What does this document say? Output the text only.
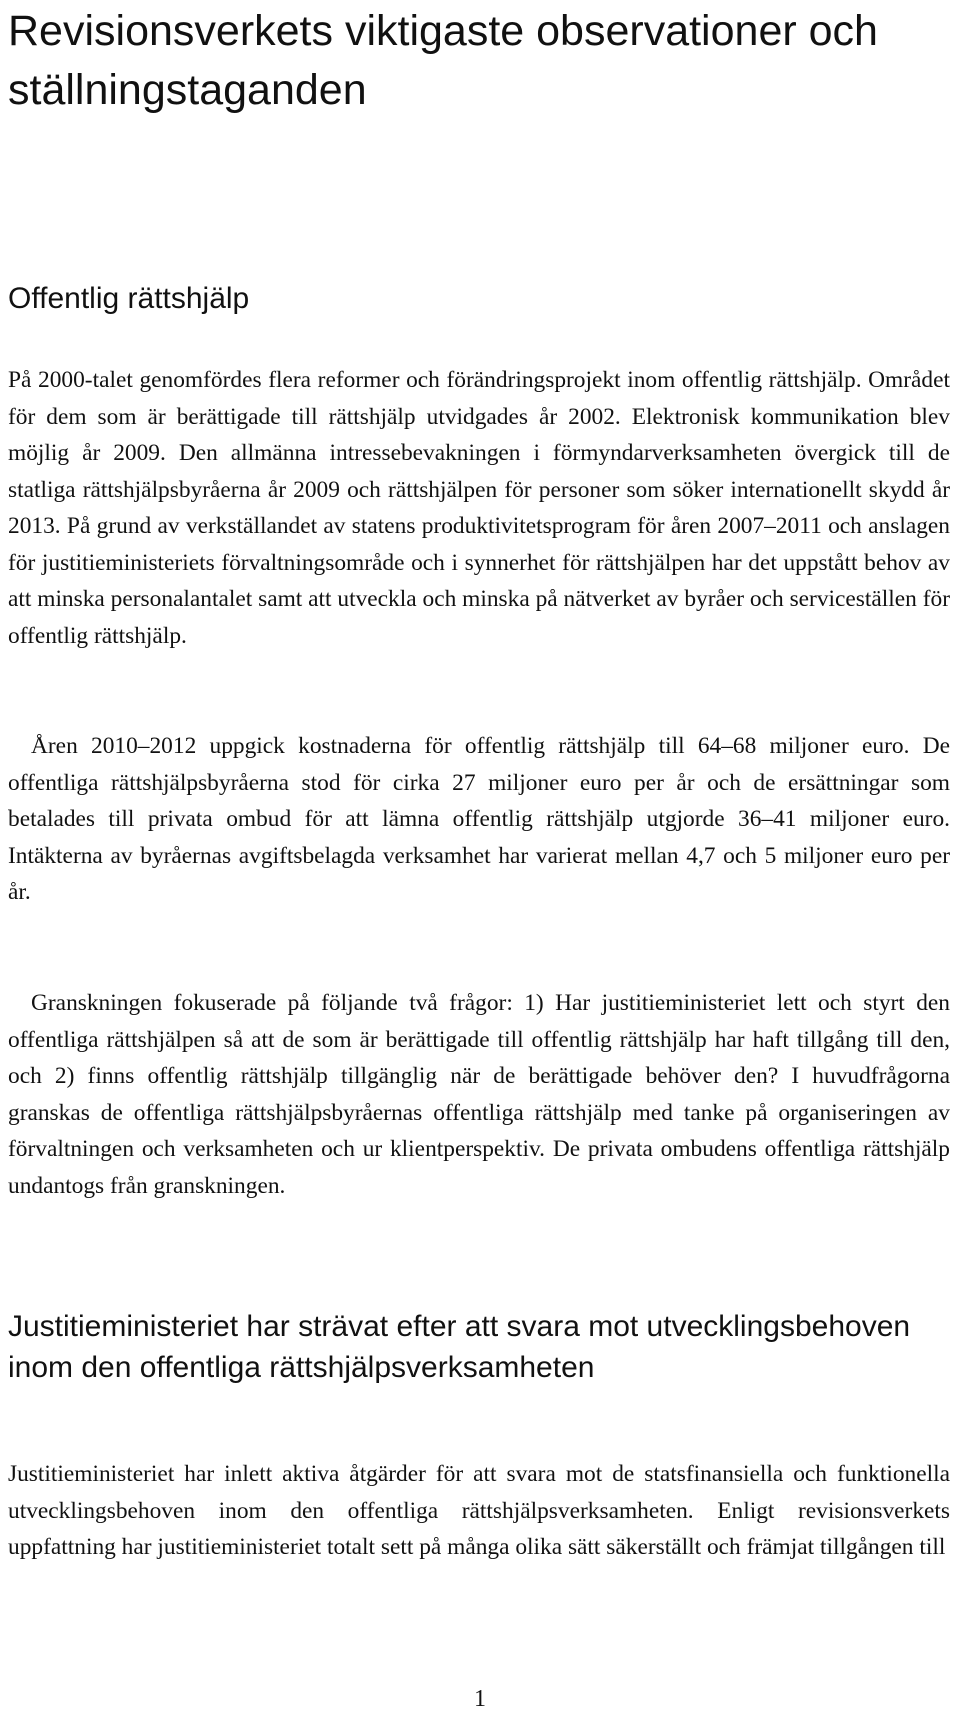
Revisionsverkets viktigaste observationer och ställningstaganden
Offentlig rättshjälp

På 2000-talet genomfördes flera reformer och förändringsprojekt inom offentlig rättshjälp. Området för dem som är berättigade till rättshjälp utvidgades år 2002. Elektronisk kommunikation blev möjlig år 2009. Den allmänna intressebevakningen i förmyndarverksamheten övergick till de statliga rättshjälpsbyråerna år 2009 och rättshjälpen för personer som söker internationellt skydd år 2013. På grund av verkställandet av statens produktivitetsprogram för åren 2007–2011 och anslagen för justitieministeriets förvaltningsområde och i synnerhet för rättshjälpen har det uppstått behov av att minska personalantalet samt att utveckla och minska på nätverket av byråer och serviceställen för offentlig rättshjälp.

Åren 2010–2012 uppgick kostnaderna för offentlig rättshjälp till 64–68 miljoner euro. De offentliga rättshjälpsbyråerna stod för cirka 27 miljoner euro per år och de ersättningar som betalades till privata ombud för att lämna offentlig rättshjälp utgjorde 36–41 miljoner euro. Intäkterna av byråernas avgiftsbelagda verksamhet har varierat mellan 4,7 och 5 miljoner euro per år.

Granskningen fokuserade på följande två frågor: 1) Har justitieministeriet lett och styrt den offentliga rättshjälpen så att de som är berättigade till offentlig rättshjälp har haft tillgång till den, och 2) finns offentlig rättshjälp tillgänglig när de berättigade behöver den? I huvudfrågorna granskas de offentliga rättshjälpsbyråernas offentliga rättshjälp med tanke på organiseringen av förvaltningen och verksamheten och ur klientperspektiv. De privata ombudens offentliga rättshjälp undantogs från granskningen.

Justitieministeriet har strävat efter att svara mot utvecklingsbehoven inom den offentliga rättshjälpsverksamheten

Justitieministeriet har inlett aktiva åtgärder för att svara mot de statsfinansiella och funktionella utvecklingsbehoven inom den offentliga rättshjälpsverksamheten. Enligt revisionsverkets uppfattning har justitieministeriet totalt sett på många olika sätt säkerställt och främjat tillgången till

1
